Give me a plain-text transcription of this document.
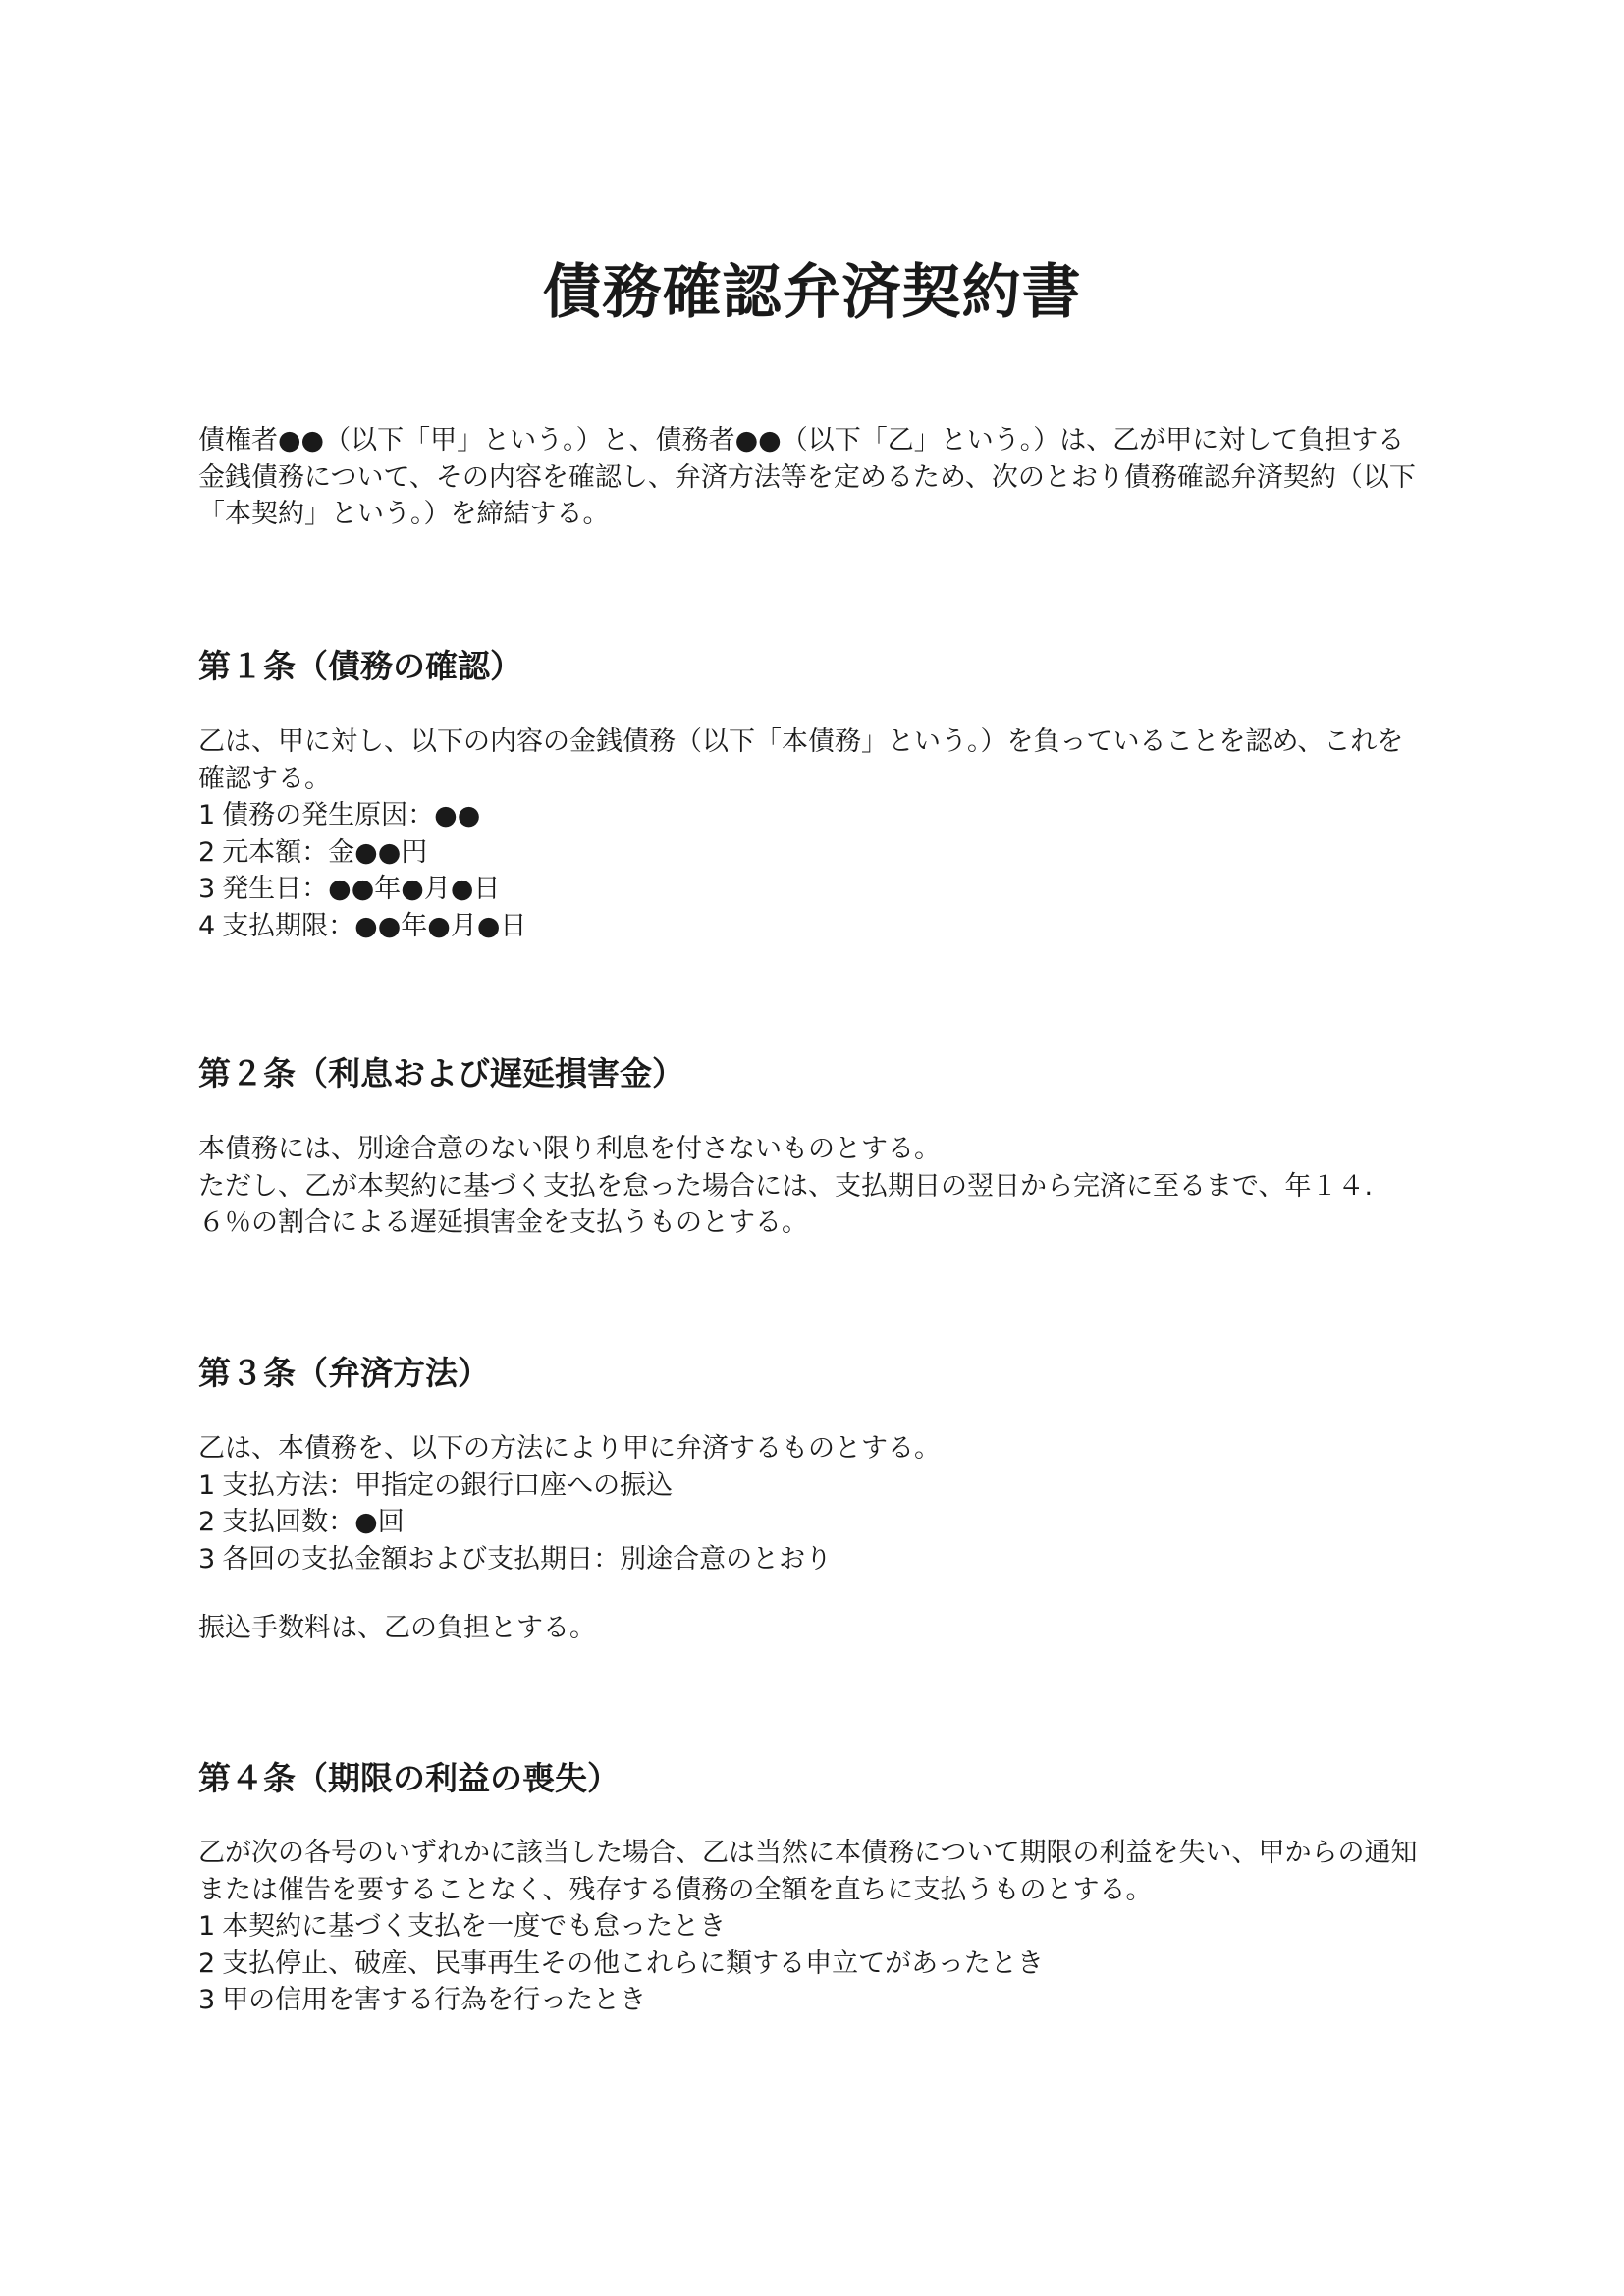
債務確認弁済契約書

債権者●●（以下「甲」という。）と、債務者●●（以下「乙」という。）は、乙が甲に対して負担する金銭債務について、その内容を確認し、弁済方法等を定めるため、次のとおり債務確認弁済契約（以下「本契約」という。）を締結する。

第１条（債務の確認）

乙は、甲に対し、以下の内容の金銭債務（以下「本債務」という。）を負っていることを認め、これを確認する。

1 債務の発生原因：●●
2 元本額：金●●円
3 発生日：●●年●月●日
4 支払期限：●●年●月●日
第２条（利息および遅延損害金）

本債務には、別途合意のない限り利息を付さないものとする。

ただし、乙が本契約に基づく支払を怠った場合には、支払期日の翌日から完済に至るまで、年１４.６％の割合による遅延損害金を支払うものとする。

第３条（弁済方法）

乙は、本債務を、以下の方法により甲に弁済するものとする。

1 支払方法：甲指定の銀行口座への振込
2 支払回数：●回
3 各回の支払金額および支払期日：別途合意のとおり

振込手数料は、乙の負担とする。

第４条（期限の利益の喪失）

乙が次の各号のいずれかに該当した場合、乙は当然に本債務について期限の利益を失い、甲からの通知または催告を要することなく、残存する債務の全額を直ちに支払うものとする。

1 本契約に基づく支払を一度でも怠ったとき
2 支払停止、破産、民事再生その他これらに類する申立てがあったとき
3 甲の信用を害する行為を行ったとき
